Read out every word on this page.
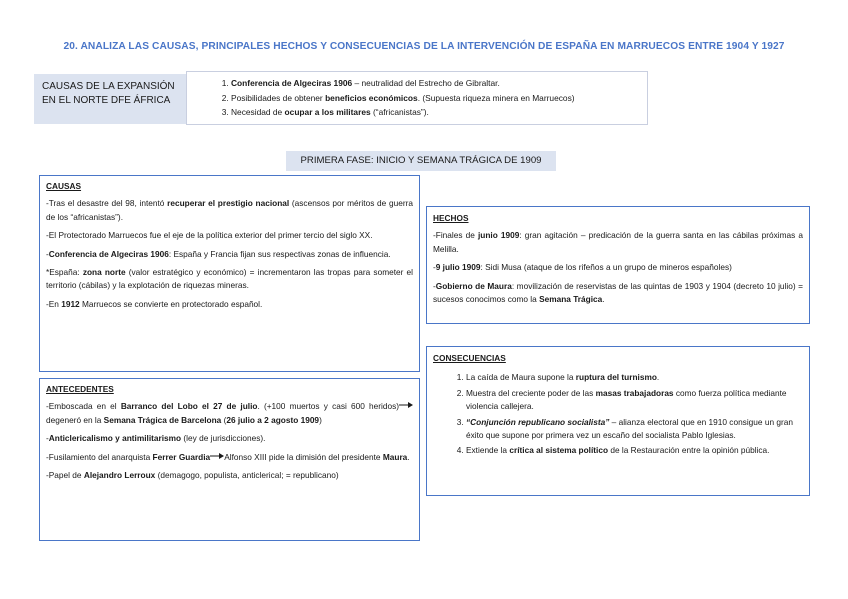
20. ANALIZA LAS CAUSAS, PRINCIPALES HECHOS Y CONSECUENCIAS DE LA INTERVENCIÓN DE ESPAÑA EN MARRUECOS ENTRE 1904 Y 1927
CAUSAS DE LA EXPANSIÓN
EN EL NORTE DFE ÁFRICA
1. Conferencia de Algeciras 1906 – neutralidad del Estrecho de Gibraltar.
2. Posibilidades de obtener beneficios económicos. (Supuesta riqueza minera en Marruecos)
3. Necesidad de ocupar a los militares (“africanistas”).
PRIMERA FASE: INICIO Y SEMANA TRÁGICA DE 1909
CAUSAS

-Tras el desastre del 98, intentó recuperar el prestigio nacional (ascensos por méritos de guerra de los “africanistas”).

-El Protectorado Marruecos fue el eje de la política exterior del primer tercio del siglo XX.

-Conferencia de Algeciras 1906: España y Francia fijan sus respectivas zonas de influencia.

*España: zona norte (valor estratégico y económico) = incrementaron las tropas para someter el territorio (cábilas) y la explotación de riquezas mineras.

-En 1912 Marruecos se convierte en protectorado español.

ANTECEDENTES

-Emboscada en el Barranco del Lobo el 27 de julio. (+100 muertos y casi 600 heridos) degeneró en la Semana Trágica de Barcelona (26 julio a 2 agosto 1909)

-Anticlericalismo y antimilitarismo (ley de jurisdicciones).

-Fusilamiento del anarquista Ferrer Guardia Alfonso XIII pide la dimisión del presidente Maura.

-Papel de Alejandro Lerroux (demagogo, populista, anticlerical; = republicano)

HECHOS

-Finales de junio 1909: gran agitación – predicación de la guerra santa en las cábilas próximas a Melilla.

-9 julio 1909: Sidi Musa (ataque de los rifeños a un grupo de mineros españoles)

-Gobierno de Maura: movilización de reservistas de las quintas de 1903 y 1904 (decreto 10 julio) = sucesos conocimos como la Semana Trágica.

CONSECUENCIAS
1. La caída de Maura supone la ruptura del turnismo.
2. Muestra del creciente poder de las masas trabajadoras como fuerza política mediante violencia callejera.
3. “Conjunción republicano socialista” – alianza electoral que en 1910 consigue un gran éxito que supone por primera vez un escaño del socialista Pablo Iglesias.
4. Extiende la crítica al sistema político de la Restauración entre la opinión pública.
